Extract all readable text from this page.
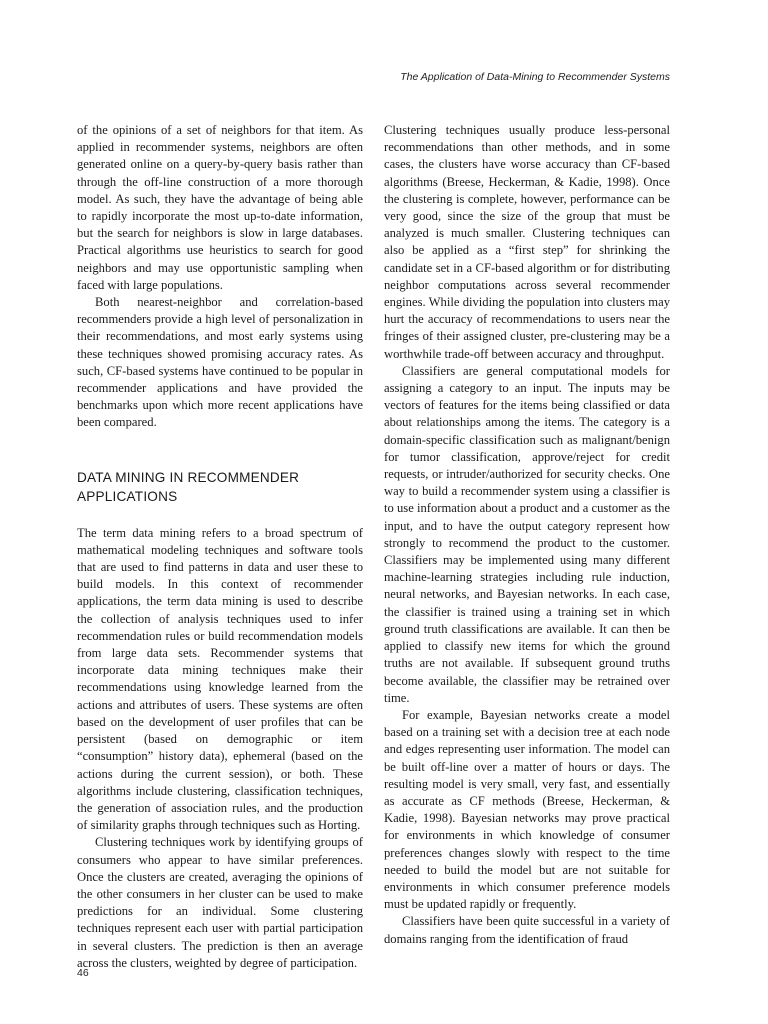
The Application of Data-Mining to Recommender Systems

of the opinions of a set of neighbors for that item. As applied in recommender systems, neighbors are often generated online on a query-by-query basis rather than through the off-line construction of a more thorough model. As such, they have the advantage of being able to rapidly incorporate the most up-to-date information, but the search for neighbors is slow in large databases. Practical algorithms use heuristics to search for good neighbors and may use opportunistic sampling when faced with large populations.

Both nearest-neighbor and correlation-based recommenders provide a high level of personalization in their recommendations, and most early systems using these techniques showed promising accuracy rates. As such, CF-based systems have continued to be popular in recommender applications and have provided the benchmarks upon which more recent applications have been compared.

DATA MINING IN RECOMMENDER APPLICATIONS

The term data mining refers to a broad spectrum of mathematical modeling techniques and software tools that are used to find patterns in data and user these to build models. In this context of recommender applications, the term data mining is used to describe the collection of analysis techniques used to infer recommendation rules or build recommendation models from large data sets. Recommender systems that incorporate data mining techniques make their recommendations using knowledge learned from the actions and attributes of users. These systems are often based on the development of user profiles that can be persistent (based on demographic or item “consumption” history data), ephemeral (based on the actions during the current session), or both. These algorithms include clustering, classification techniques, the generation of association rules, and the production of similarity graphs through techniques such as Horting.

Clustering techniques work by identifying groups of consumers who appear to have similar preferences. Once the clusters are created, averaging the opinions of the other consumers in her cluster can be used to make predictions for an individual. Some clustering techniques represent each user with partial participation in several clusters. The prediction is then an average across the clusters, weighted by degree of participation.

Clustering techniques usually produce less-personal recommendations than other methods, and in some cases, the clusters have worse accuracy than CF-based algorithms (Breese, Heckerman, & Kadie, 1998). Once the clustering is complete, however, performance can be very good, since the size of the group that must be analyzed is much smaller. Clustering techniques can also be applied as a “first step” for shrinking the candidate set in a CF-based algorithm or for distributing neighbor computations across several recommender engines. While dividing the population into clusters may hurt the accuracy of recommendations to users near the fringes of their assigned cluster, pre-clustering may be a worthwhile trade-off between accuracy and throughput.

Classifiers are general computational models for assigning a category to an input. The inputs may be vectors of features for the items being classified or data about relationships among the items. The category is a domain-specific classification such as malignant/benign for tumor classification, approve/reject for credit requests, or intruder/authorized for security checks. One way to build a recommender system using a classifier is to use information about a product and a customer as the input, and to have the output category represent how strongly to recommend the product to the customer. Classifiers may be implemented using many different machine-learning strategies including rule induction, neural networks, and Bayesian networks. In each case, the classifier is trained using a training set in which ground truth classifications are available. It can then be applied to classify new items for which the ground truths are not available. If subsequent ground truths become available, the classifier may be retrained over time.

For example, Bayesian networks create a model based on a training set with a decision tree at each node and edges representing user information. The model can be built off-line over a matter of hours or days. The resulting model is very small, very fast, and essentially as accurate as CF methods (Breese, Heckerman, & Kadie, 1998). Bayesian networks may prove practical for environments in which knowledge of consumer preferences changes slowly with respect to the time needed to build the model but are not suitable for environments in which consumer preference models must be updated rapidly or frequently.

Classifiers have been quite successful in a variety of domains ranging from the identification of fraud

46
